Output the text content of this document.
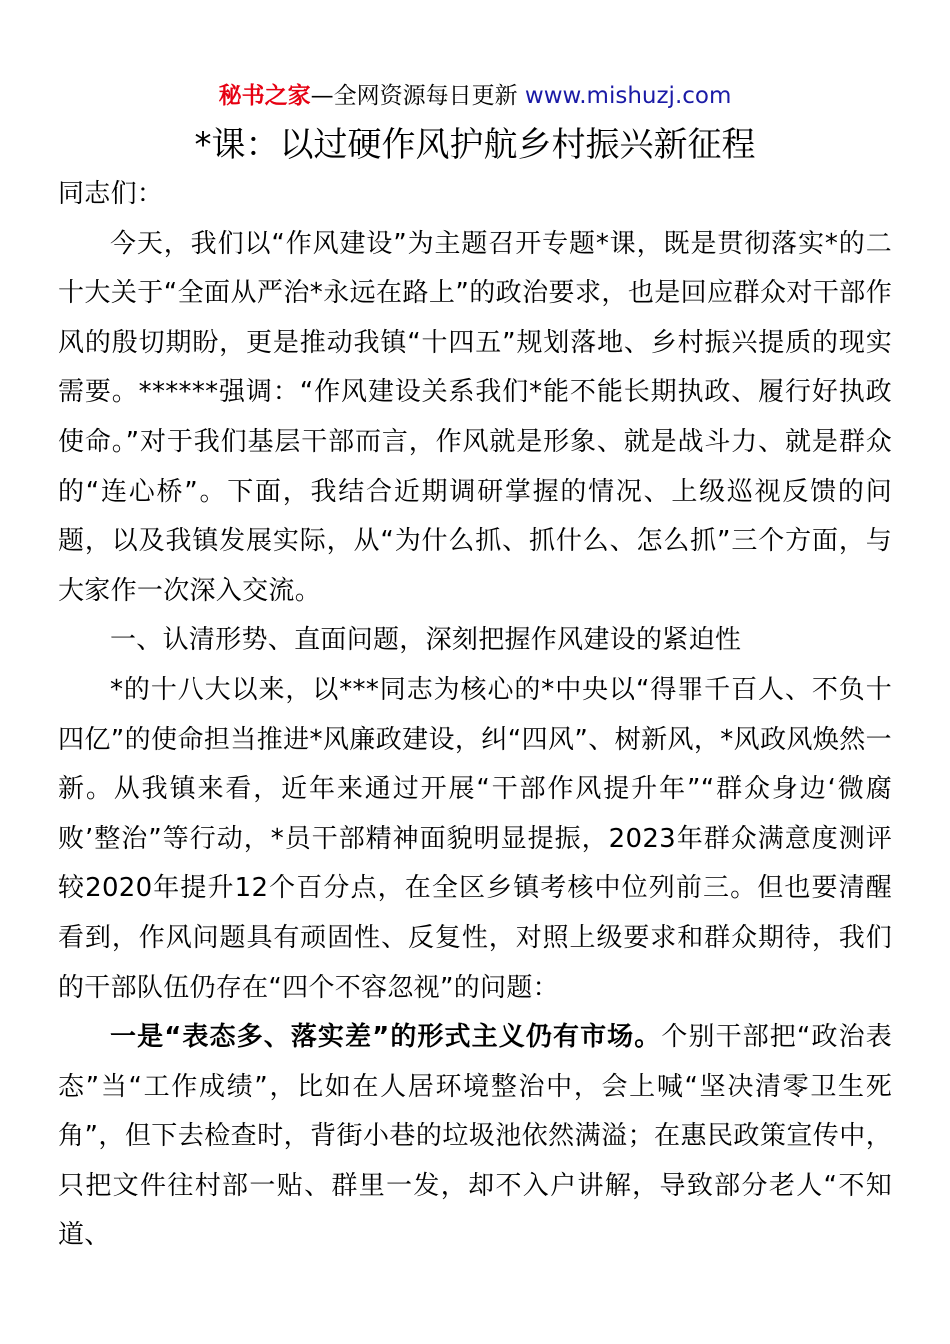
秘书之家—全网资源每日更新 www.mishuzj.com
*课：以过硬作风护航乡村振兴新征程

同志们：

今天，我们以“作风建设”为主题召开专题*课，既是贯彻落实*的二十大关于“全面从严治*永远在路上”的政治要求，也是回应群众对干部作风的殷切期盼，更是推动我镇“十四五”规划落地、乡村振兴提质的现实需要。******强调：“作风建设关系我们*能不能长期执政、履行好执政使命。”对于我们基层干部而言，作风就是形象、就是战斗力、就是群众的“连心桥”。下面，我结合近期调研掌握的情况、上级巡视反馈的问题，以及我镇发展实际，从“为什么抓、抓什么、怎么抓”三个方面，与大家作一次深入交流。

一、认清形势、直面问题，深刻把握作风建设的紧迫性

*的十八大以来，以***同志为核心的*中央以“得罪千百人、不负十四亿”的使命担当推进*风廉政建设，纠“四风”、树新风，*风政风焕然一新。从我镇来看，近年来通过开展“干部作风提升年”“群众身边‘微腐败’整治”等行动，*员干部精神面貌明显提振，2023年群众满意度测评较2020年提升12个百分点，在全区乡镇考核中位列前三。但也要清醒看到，作风问题具有顽固性、反复性，对照上级要求和群众期待，我们的干部队伍仍存在“四个不容忽视”的问题：

一是“表态多、落实差”的形式主义仍有市场。个别干部把“政治表态”当“工作成绩”，比如在人居环境整治中，会上喊“坚决清零卫生死角”，但下去检查时，背街小巷的垃圾池依然满溢；在惠民政策宣传中，只把文件往村部一贴、群里一发，却不入户讲解，导致部分老人“不知道、
